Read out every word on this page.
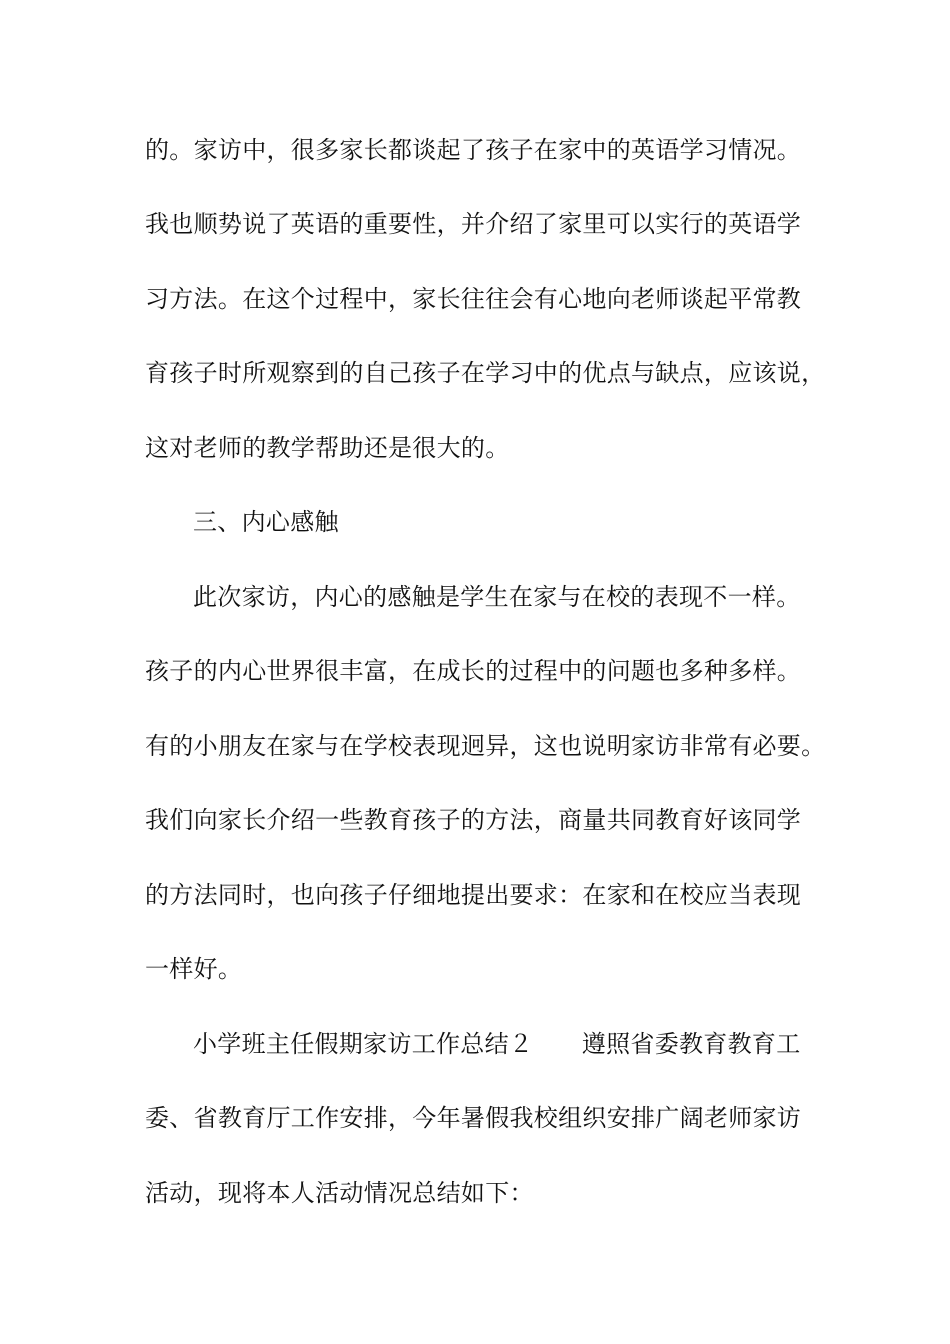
的。家访中，很多家长都谈起了孩子在家中的英语学习情况。
我也顺势说了英语的重要性，并介绍了家里可以实行的英语学
习方法。在这个过程中，家长往往会有心地向老师谈起平常教
育孩子时所观察到的自己孩子在学习中的优点与缺点，应该说，
这对老师的教学帮助还是很大的。
三、内心感触
此次家访，内心的感触是学生在家与在校的表现不一样。
孩子的内心世界很丰富，在成长的过程中的问题也多种多样。
有的小朋友在家与在学校表现迥异，这也说明家访非常有必要。
我们向家长介绍一些教育孩子的方法，商量共同教育好该同学
的方法同时，也向孩子仔细地提出要求：在家和在校应当表现
一样好。
小学班主任假期家访工作总结２　　遵照省委教育教育工
委、省教育厅工作安排，今年暑假我校组织安排广阔老师家访
活动，现将本人活动情况总结如下：
